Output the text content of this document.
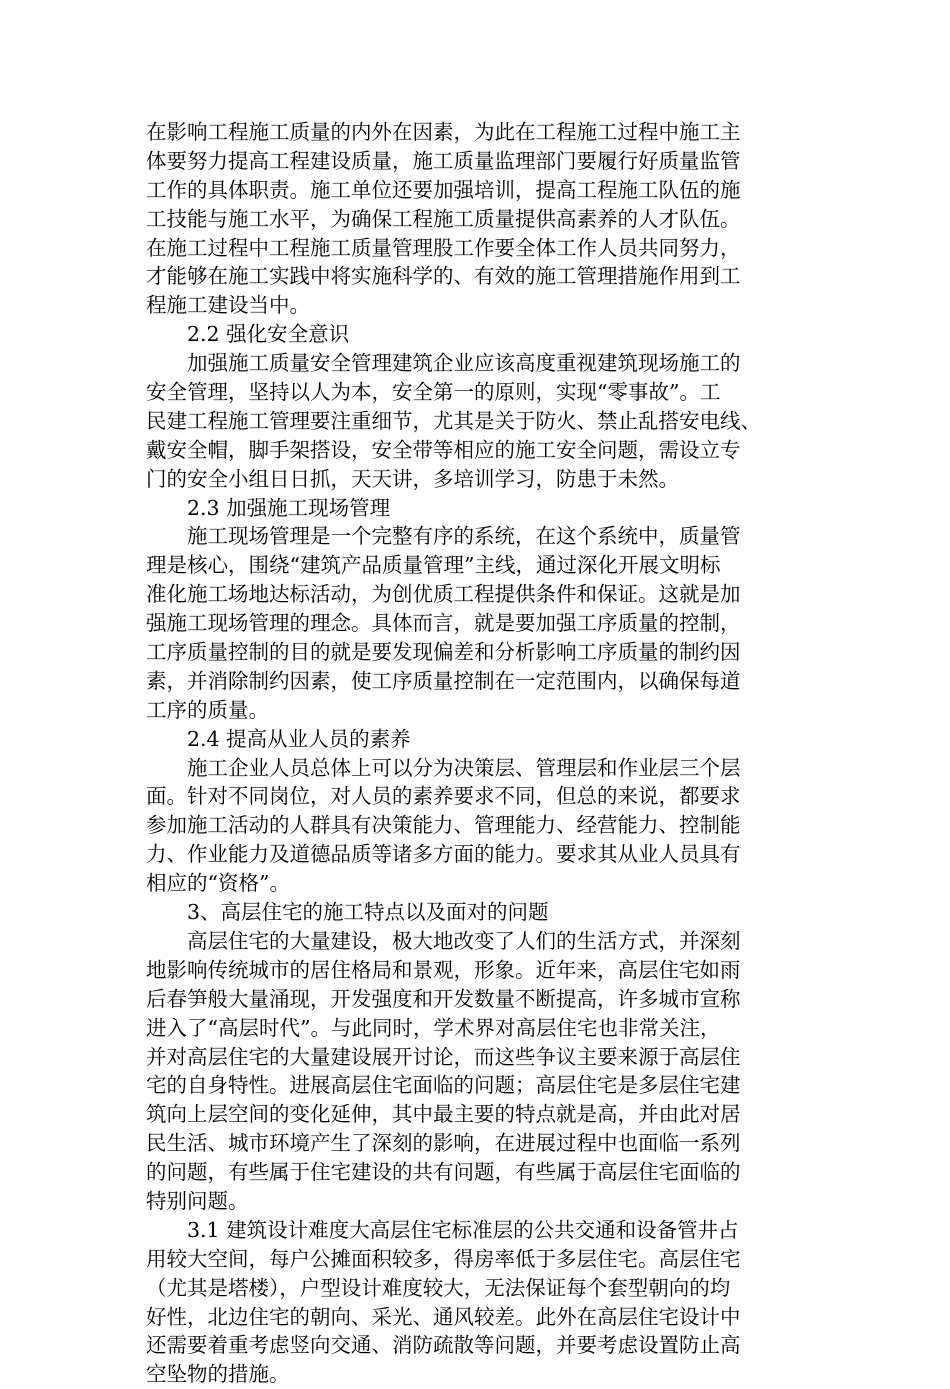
在影响工程施工质量的内外在因素，为此在工程施工过程中施工主
体要努力提高工程建设质量，施工质量监理部门要履行好质量监管
工作的具体职责。施工单位还要加强培训，提高工程施工队伍的施
工技能与施工水平，为确保工程施工质量提供高素养的人才队伍。
在施工过程中工程施工质量管理股工作要全体工作人员共同努力，
才能够在施工实践中将实施科学的、有效的施工管理措施作用到工
程施工建设当中。
2.2 强化安全意识
加强施工质量安全管理建筑企业应该高度重视建筑现场施工的
安全管理，坚持以人为本，安全第一的原则，实现“零事故”。工
民建工程施工管理要注重细节，尤其是关于防火、禁止乱搭安电线、
戴安全帽，脚手架搭设，安全带等相应的施工安全问题，需设立专
门的安全小组日日抓，天天讲，多培训学习，防患于未然。
2.3 加强施工现场管理
施工现场管理是一个完整有序的系统，在这个系统中，质量管
理是核心，围绕“建筑产品质量管理”主线，通过深化开展文明标
准化施工场地达标活动，为创优质工程提供条件和保证。这就是加
强施工现场管理的理念。具体而言，就是要加强工序质量的控制，
工序质量控制的目的就是要发现偏差和分析影响工序质量的制约因
素，并消除制约因素，使工序质量控制在一定范围内，以确保每道
工序的质量。
2.4 提高从业人员的素养
施工企业人员总体上可以分为决策层、管理层和作业层三个层
面。针对不同岗位，对人员的素养要求不同，但总的来说，都要求
参加施工活动的人群具有决策能力、管理能力、经营能力、控制能
力、作业能力及道德品质等诸多方面的能力。要求其从业人员具有
相应的“资格”。
3、高层住宅的施工特点以及面对的问题
高层住宅的大量建设，极大地改变了人们的生活方式，并深刻
地影响传统城市的居住格局和景观，形象。近年来，高层住宅如雨
后春笋般大量涌现，开发强度和开发数量不断提高，许多城市宣称
进入了“高层时代”。与此同时，学术界对高层住宅也非常关注，
并对高层住宅的大量建设展开讨论，而这些争议主要来源于高层住
宅的自身特性。进展高层住宅面临的问题；高层住宅是多层住宅建
筑向上层空间的变化延伸，其中最主要的特点就是高，并由此对居
民生活、城市环境产生了深刻的影响，在进展过程中也面临一系列
的问题，有些属于住宅建设的共有问题，有些属于高层住宅面临的
特别问题。
3.1 建筑设计难度大高层住宅标准层的公共交通和设备管井占
用较大空间，每户公摊面积较多，得房率低于多层住宅。高层住宅
（尤其是塔楼），户型设计难度较大，无法保证每个套型朝向的均
好性，北边住宅的朝向、采光、通风较差。此外在高层住宅设计中
还需要着重考虑竖向交通、消防疏散等问题，并要考虑设置防止高
空坠物的措施。
